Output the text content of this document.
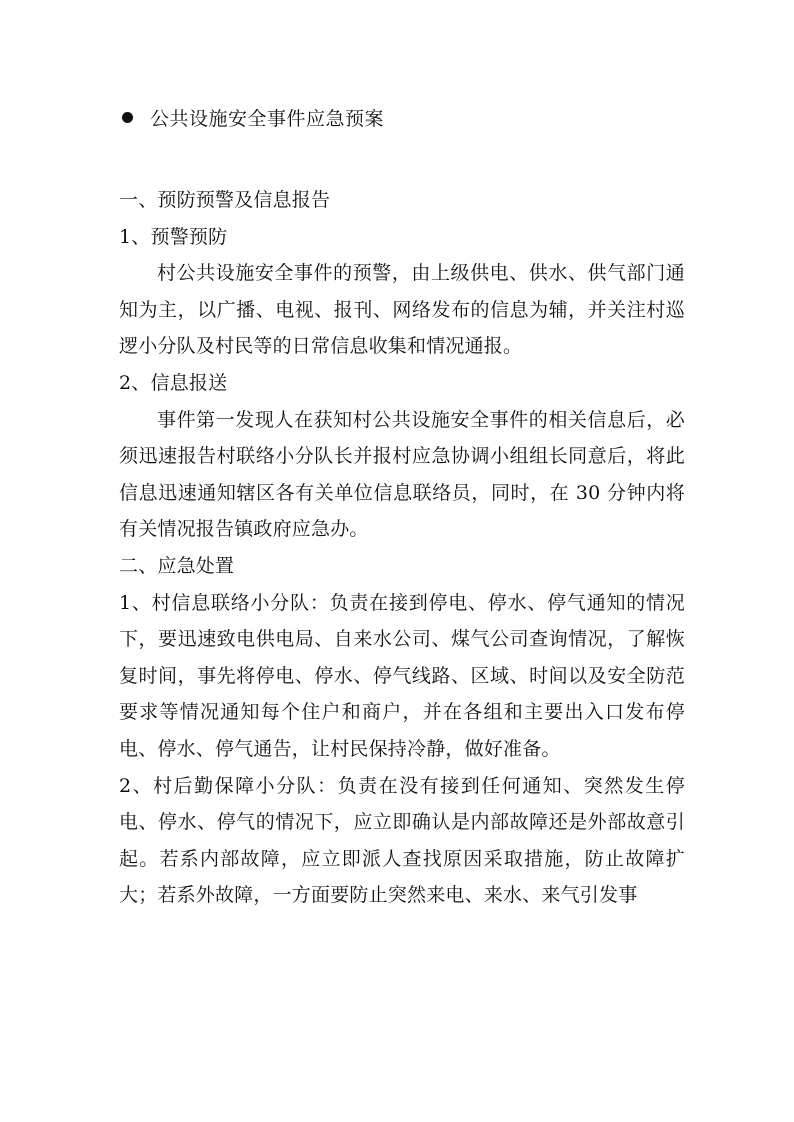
公共设施安全事件应急预案

一、预防预警及信息报告

1、预警预防

村公共设施安全事件的预警，由上级供电、供水、供气部门通知为主，以广播、电视、报刊、网络发布的信息为辅，并关注村巡逻小分队及村民等的日常信息收集和情况通报。

2、信息报送

事件第一发现人在获知村公共设施安全事件的相关信息后，必须迅速报告村联络小分队长并报村应急协调小组组长同意后，将此信息迅速通知辖区各有关单位信息联络员，同时，在 30 分钟内将有关情况报告镇政府应急办。

二、应急处置

1、村信息联络小分队：负责在接到停电、停水、停气通知的情况下，要迅速致电供电局、自来水公司、煤气公司查询情况，了解恢复时间，事先将停电、停水、停气线路、区域、时间以及安全防范要求等情况通知每个住户和商户，并在各组和主要出入口发布停电、停水、停气通告，让村民保持冷静，做好准备。

2、村后勤保障小分队：负责在没有接到任何通知、突然发生停电、停水、停气的情况下，应立即确认是内部故障还是外部故意引起。若系内部故障，应立即派人查找原因采取措施，防止故障扩大；若系外故障，一方面要防止突然来电、来水、来气引发事
